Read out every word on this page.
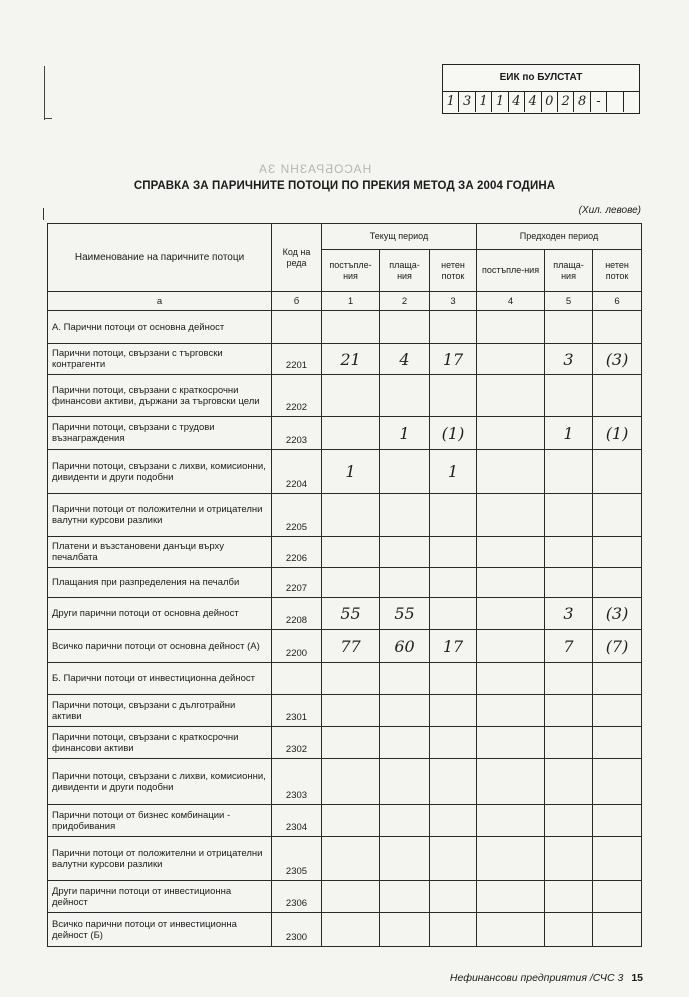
ЕИК по БУЛСТАТ
1 3 1 1 4 4 0 2 8 -
НАСОБРАЗНИ ЗА
СПРАВКА ЗА ПАРИЧНИТЕ ПОТОЦИ ПО ПРЕКИЯ МЕТОД ЗА 2004 ГОДИНА
(Хил. левове)
Наименование на паричните потоци	Код на реда	Текущ период			Предходен период		
		постъпле-ния	плаща-ния	нетен поток	постъпле-ния	плаща-ния	нетен поток
а	б	1	2	3	4	5	6
А. Парични потоци от основна дейност							
Парични потоци, свързани с търговски контрагенти	2201	21	4	17		3	(3)
Парични потоци, свързани с краткосрочни финансови активи, държани за търговски цели	2202						
Парични потоци, свързани с трудови възнаграждения	2203		1	(1)		1	(1)
Парични потоци, свързани с лихви, комисионни, дивиденти и други подобни	2204	1		1			
Парични потоци от положителни и отрицателни валутни курсови разлики	2205						
Платени и възстановени данъци върху печалбата	2206						
Плащания при разпределения на печалби	2207						
Други парични потоци от основна дейност	2208	55	55			3	(3)
Всичко парични потоци от основна дейност (А)	2200	77	60	17		7	(7)
Б. Парични потоци от инвестиционна дейност							
Парични потоци, свързани с дълготрайни активи	2301						
Парични потоци, свързани с краткосрочни финансови активи	2302						
Парични потоци, свързани с лихви, комисионни, дивиденти и други подобни	2303						
Парични потоци от бизнес комбинации - придобивания	2304						
Парични потоци от положителни и отрицателни валутни курсови разлики	2305						
Други парични потоци от инвестиционна дейност	2306						
Всичко парични потоци от инвестиционна дейност (Б)	2300						
Нефинансови предприятия /СЧС 3 15
